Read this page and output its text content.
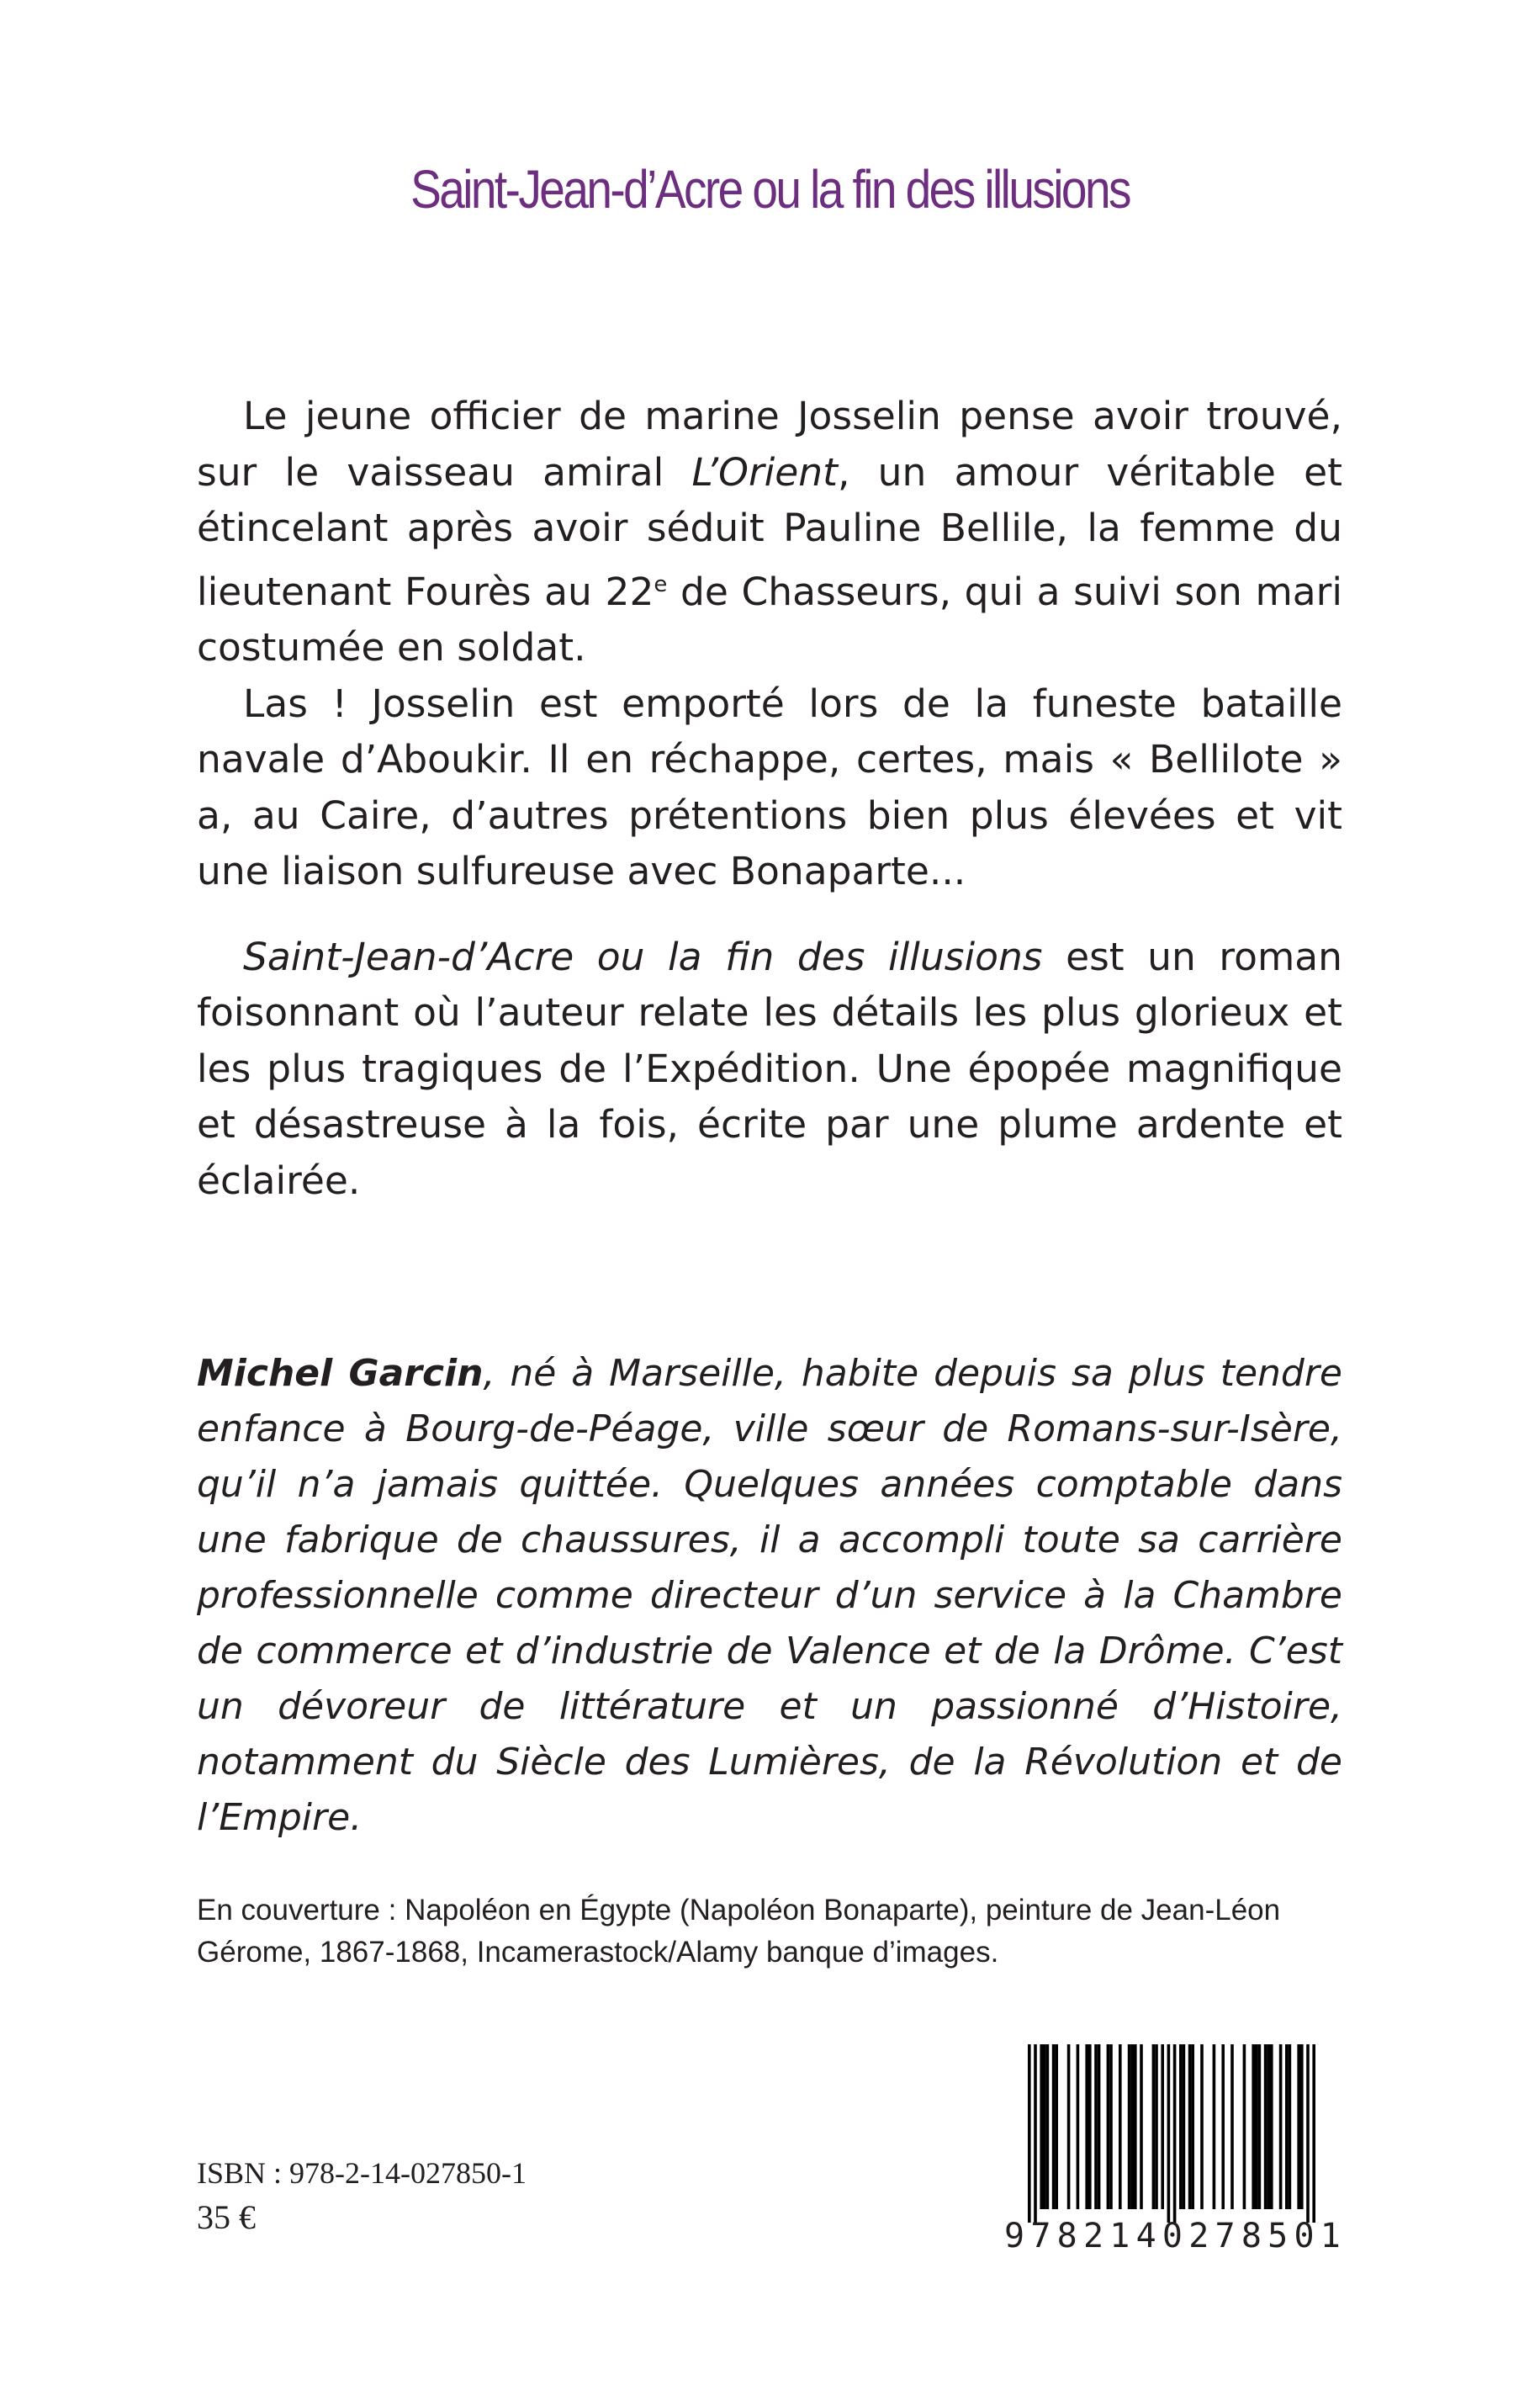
Saint-Jean-d’Acre ou la fin des illusions

Le jeune officier de marine Josselin pense avoir trouvé, sur le vaisseau amiral L’Orient, un amour véritable et étincelant après avoir séduit Pauline Bellile, la femme du lieutenant Fourès au 22e de Chasseurs, qui a suivi son mari costumée en soldat.

Las ! Josselin est emporté lors de la funeste bataille navale d’Aboukir. Il en réchappe, certes, mais « Bellilote » a, au Caire, d’autres prétentions bien plus élevées et vit une liaison sulfureuse avec Bonaparte...

Saint-Jean-d’Acre ou la fin des illusions est un roman foisonnant où l’auteur relate les détails les plus glorieux et les plus tragiques de l’Expédition. Une épopée magnifique et désastreuse à la fois, écrite par une plume ardente et éclairée.

Michel Garcin, né à Marseille, habite depuis sa plus tendre enfance à Bourg-de-Péage, ville sœur de Romans-sur-Isère, qu’il n’a jamais quittée. Quelques années comptable dans une fabrique de chaussures, il a accompli toute sa carrière professionnelle comme directeur d’un service à la Chambre de commerce et d’industrie de Valence et de la Drôme. C’est un dévoreur de littérature et un passionné d’Histoire, notamment du Siècle des Lumières, de la Révolution et de l’Empire.

En couverture : Napoléon en Égypte (Napoléon Bonaparte), peinture de Jean-Léon Gérome, 1867-1868, Incamerastock/Alamy banque d’images.

ISBN : 978-2-14-027850-1

35 €	9 7 8 2 1 4 0 2 7 8 5 0 1
